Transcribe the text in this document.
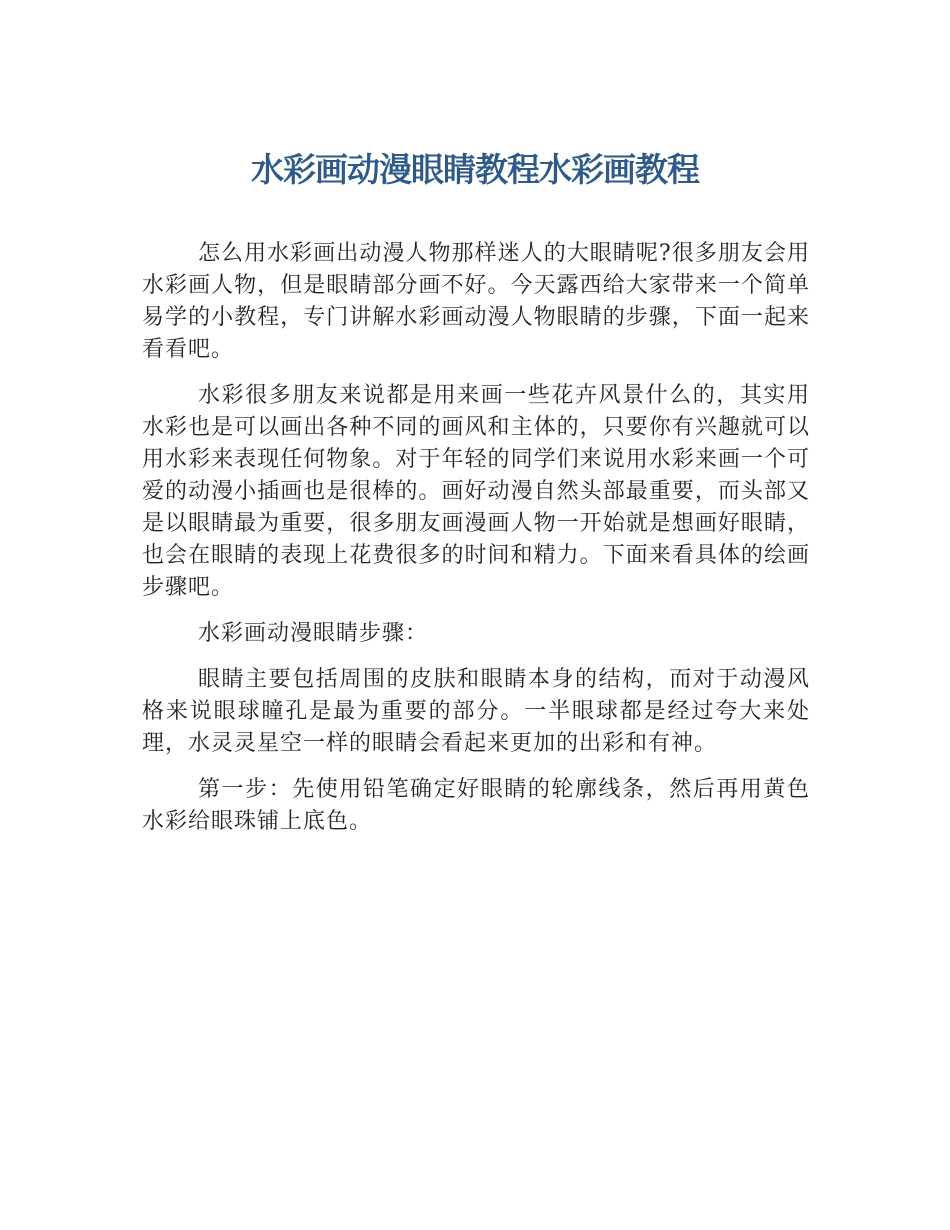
水彩画动漫眼睛教程水彩画教程

怎么用水彩画出动漫人物那样迷人的大眼睛呢?很多朋友会用水彩画人物，但是眼睛部分画不好。今天露西给大家带来一个简单易学的小教程，专门讲解水彩画动漫人物眼睛的步骤，下面一起来看看吧。

水彩很多朋友来说都是用来画一些花卉风景什么的，其实用水彩也是可以画出各种不同的画风和主体的，只要你有兴趣就可以用水彩来表现任何物象。对于年轻的同学们来说用水彩来画一个可爱的动漫小插画也是很棒的。画好动漫自然头部最重要，而头部又是以眼睛最为重要，很多朋友画漫画人物一开始就是想画好眼睛，也会在眼睛的表现上花费很多的时间和精力。下面来看具体的绘画步骤吧。

水彩画动漫眼睛步骤：

眼睛主要包括周围的皮肤和眼睛本身的结构，而对于动漫风格来说眼球瞳孔是最为重要的部分。一半眼球都是经过夸大来处理，水灵灵星空一样的眼睛会看起来更加的出彩和有神。

第一步：先使用铅笔确定好眼睛的轮廓线条，然后再用黄色水彩给眼珠铺上底色。
